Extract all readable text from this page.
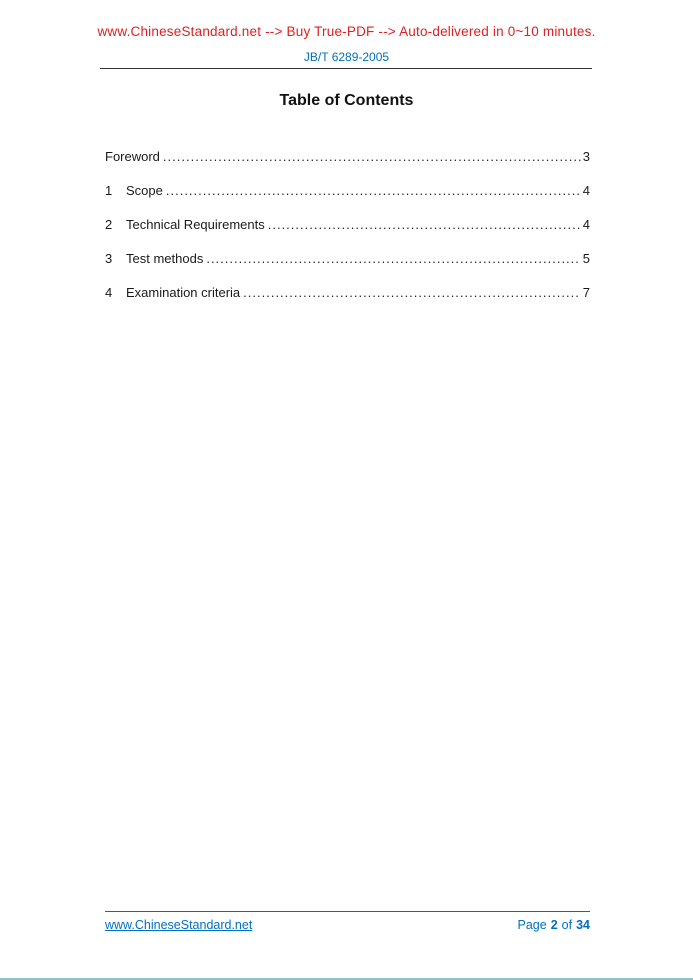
www.ChineseStandard.net --> Buy True-PDF --> Auto-delivered in 0~10 minutes.
JB/T 6289-2005
Table of Contents
Foreword .....	3
1	Scope .....	4
2	Technical Requirements .....	4
3	Test methods .....	5
4	Examination criteria .....	7
www.ChineseStandard.net	Page 2 of 34
